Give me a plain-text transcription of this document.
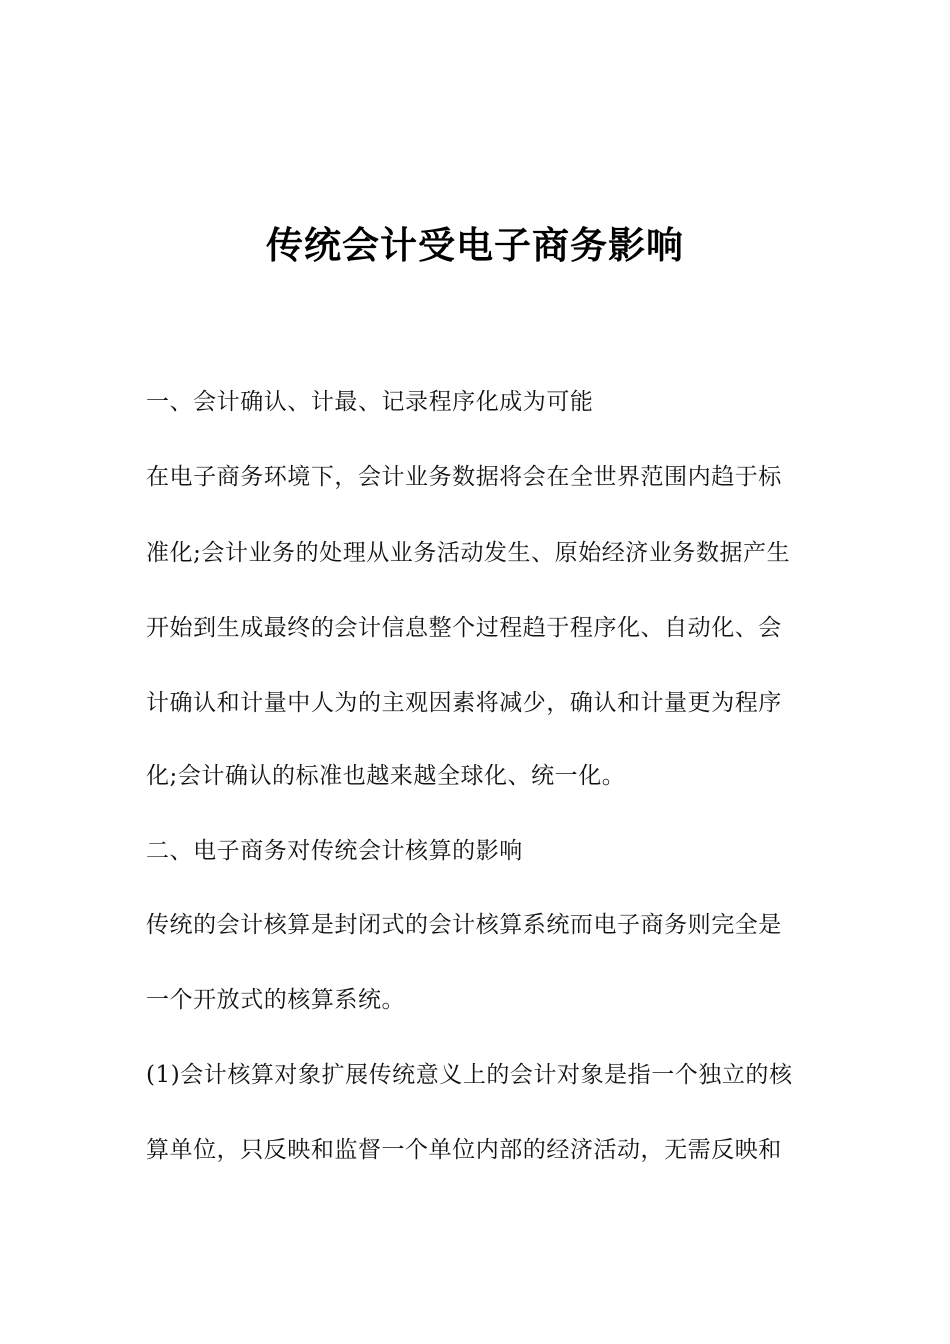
传统会计受电子商务影响
一、会计确认、计最、记录程序化成为可能
在电子商务环境下，会计业务数据将会在全世界范围内趋于标
准化;会计业务的处理从业务活动发生、原始经济业务数据产生
开始到生成最终的会计信息整个过程趋于程序化、自动化、会
计确认和计量中人为的主观因素将减少，确认和计量更为程序
化;会计确认的标准也越来越全球化、统一化。
二、电子商务对传统会计核算的影响
传统的会计核算是封闭式的会计核算系统而电子商务则完全是
一个开放式的核算系统。
(1)会计核算对象扩展传统意义上的会计对象是指一个独立的核
算单位，只反映和监督一个单位内部的经济活动，无需反映和
